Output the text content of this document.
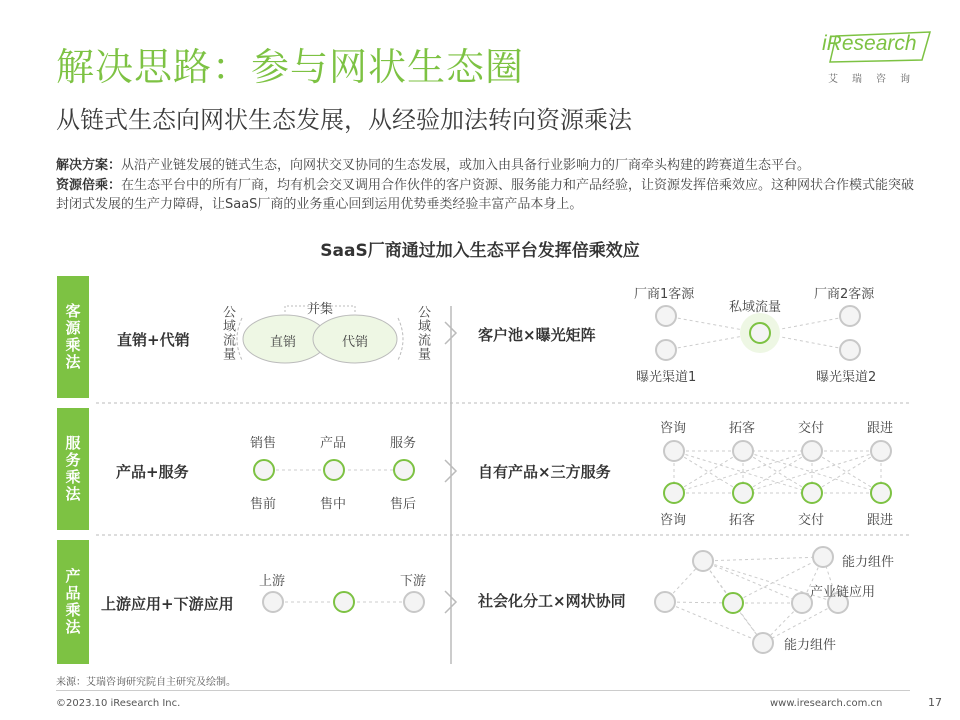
解决思路：参与网状生态圈
从链式生态向网状生态发展，从经验加法转向资源乘法
iResearch
艾瑞咨询
解决方案：从沿产业链发展的链式生态，向网状交叉协同的生态发展，或加入由具备行业影响力的厂商牵头构建的跨赛道生态平台。
资源倍乘：在生态平台中的所有厂商，均有机会交叉调用合作伙伴的客户资源、服务能力和产品经验，让资源发挥倍乘效应。这种网状合作模式能突破封闭式发展的生产力障碍，让SaaS厂商的业务重心回到运用优势垂类经验丰富产品本身上。
SaaS厂商通过加入生态平台发挥倍乘效应
客源乘法
服务乘法
产品乘法
直销+代销 公域流量	公域流量
并集
直销	代销	客户池×曝光矩阵
厂商1客源
私域流量
厂商2客源
曝光渠道1	曝光渠道2
产品+服务
销售	产品	服务
售前	售中	售后
自有产品×三方服务
咨询	拓客	交付	跟进
咨询	拓客	交付	跟进
上游应用+下游应用
上游	下游
社会化分工×网状协同
能力组件
产业链应用
能力组件
来源：艾瑞咨询研究院自主研究及绘制。
©2023.10 iResearch Inc.	www.iresearch.com.cn	17
